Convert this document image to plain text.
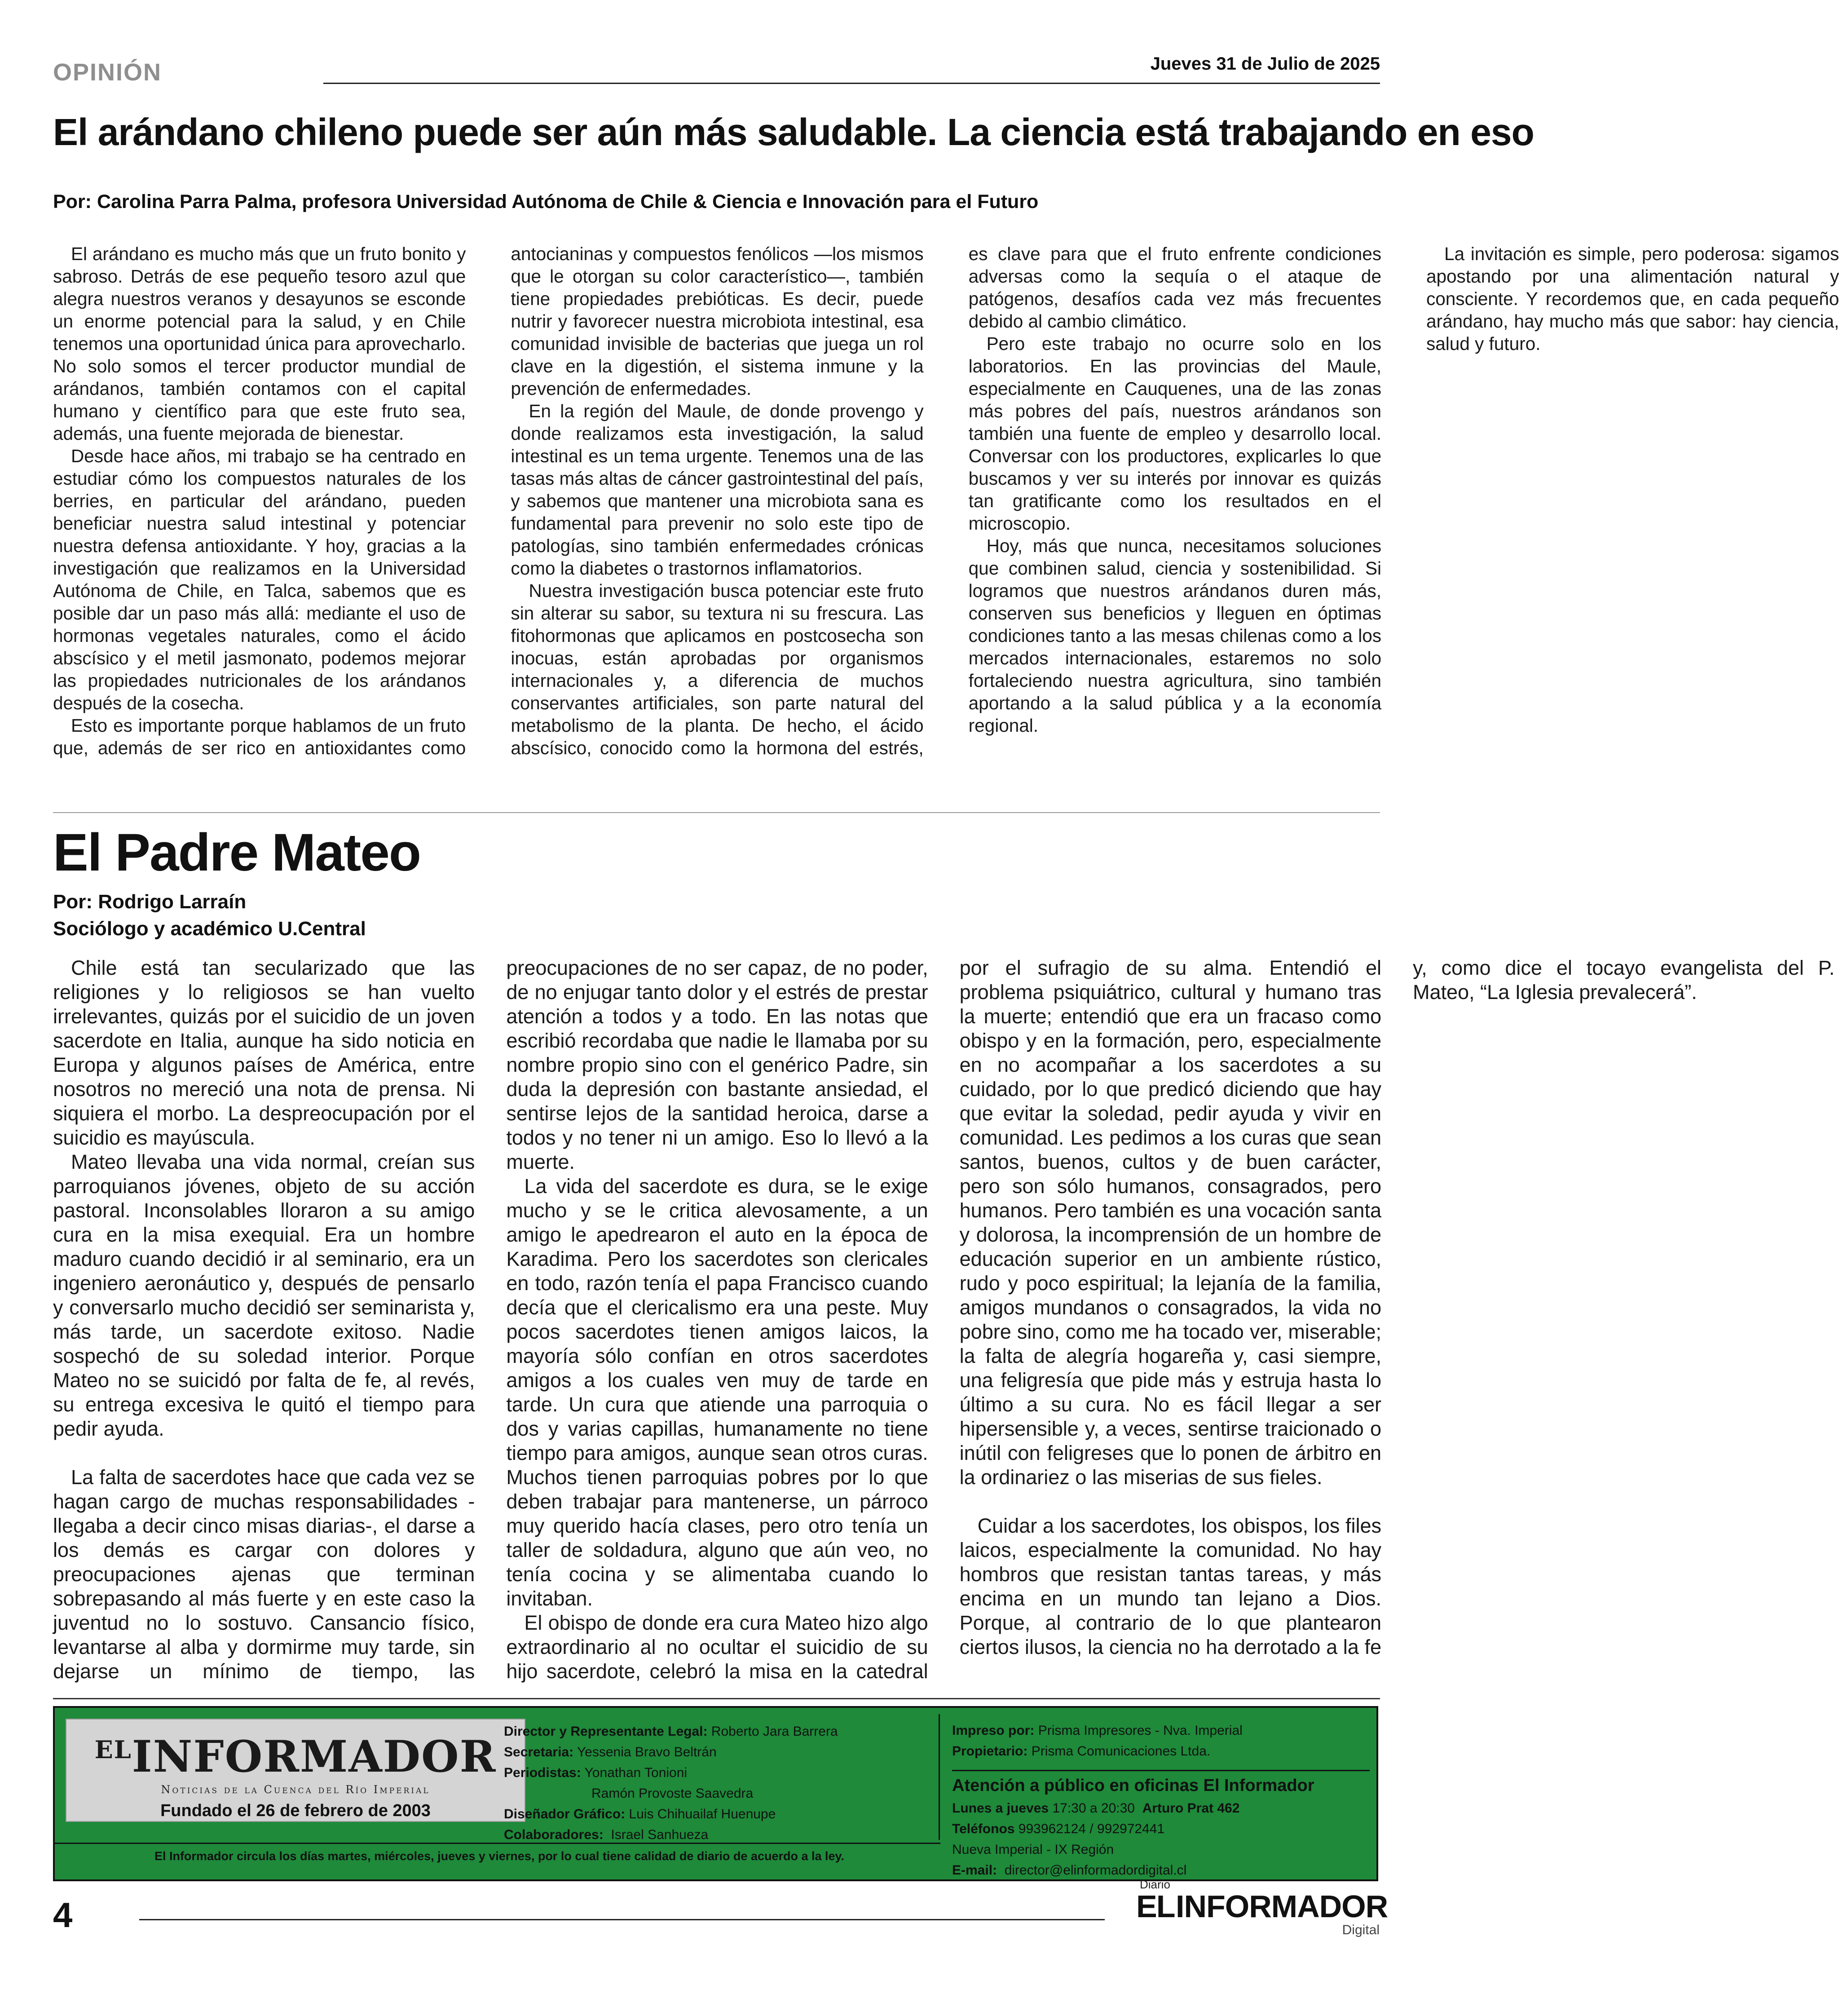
OPINIÓN	Jueves 31 de Julio de 2025
El arándano chileno puede ser aún más saludable. La ciencia está trabajando en eso
Por: Carolina Parra Palma, profesora Universidad Autónoma de Chile & Ciencia e Innovación para el Futuro

El arándano es mucho más que un fruto bonito y sabroso. Detrás de ese pequeño tesoro azul que alegra nuestros veranos y desayunos se esconde un enorme potencial para la salud, y en Chile tenemos una oportunidad única para aprovecharlo. No solo somos el tercer productor mundial de arándanos, también contamos con el capital humano y científico para que este fruto sea, además, una fuente mejorada de bienestar.

Desde hace años, mi trabajo se ha centrado en estudiar cómo los compuestos naturales de los berries, en particular del arándano, pueden beneficiar nuestra salud intestinal y potenciar nuestra defensa antioxidante. Y hoy, gracias a la investigación que realizamos en la Universidad Autónoma de Chile, en Talca, sabemos que es posible dar un paso más allá: mediante el uso de hormonas vegetales naturales, como el ácido abscísico y el metil jasmonato, podemos mejorar las propiedades nutricionales de los arándanos después de la cosecha.

Esto es importante porque hablamos de un fruto que, además de ser rico en antioxidantes como antocianinas y compuestos fenólicos —los mismos que le otorgan su color característico—, también tiene propiedades prebióticas. Es decir, puede nutrir y favorecer nuestra microbiota intestinal, esa comunidad invisible de bacterias que juega un rol clave en la digestión, el sistema inmune y la prevención de enfermedades.

En la región del Maule, de donde provengo y donde realizamos esta investigación, la salud intestinal es un tema urgente. Tenemos una de las tasas más altas de cáncer gastrointestinal del país, y sabemos que mantener una microbiota sana es fundamental para prevenir no solo este tipo de patologías, sino también enfermedades crónicas como la diabetes o trastornos inflamatorios.

Nuestra investigación busca potenciar este fruto sin alterar su sabor, su textura ni su frescura. Las fitohormonas que aplicamos en postcosecha son inocuas, están aprobadas por organismos internacionales y, a diferencia de muchos conservantes artificiales, son parte natural del metabolismo de la planta. De hecho, el ácido abscísico, conocido como la hormona del estrés, es clave para que el fruto enfrente condiciones adversas como la sequía o el ataque de patógenos, desafíos cada vez más frecuentes debido al cambio climático.

Pero este trabajo no ocurre solo en los laboratorios. En las provincias del Maule, especialmente en Cauquenes, una de las zonas más pobres del país, nuestros arándanos son también una fuente de empleo y desarrollo local. Conversar con los productores, explicarles lo que buscamos y ver su interés por innovar es quizás tan gratificante como los resultados en el microscopio.

Hoy, más que nunca, necesitamos soluciones que combinen salud, ciencia y sostenibilidad. Si logramos que nuestros arándanos duren más, conserven sus beneficios y lleguen en óptimas condiciones tanto a las mesas chilenas como a los mercados internacionales, estaremos no solo fortaleciendo nuestra agricultura, sino también aportando a la salud pública y a la economía regional.

La invitación es simple, pero poderosa: sigamos apostando por una alimentación natural y consciente. Y recordemos que, en cada pequeño arándano, hay mucho más que sabor: hay ciencia, salud y futuro.

El Padre Mateo
Por: Rodrigo Larraín
Sociólogo y académico U.Central

Chile está tan secularizado que las religiones y lo religiosos se han vuelto irrelevantes, quizás por el suicidio de un joven sacerdote en Italia, aunque ha sido noticia en Europa y algunos países de América, entre nosotros no mereció una nota de prensa. Ni siquiera el morbo. La despreocupación por el suicidio es mayúscula.

Mateo llevaba una vida normal, creían sus parroquianos jóvenes, objeto de su acción pastoral. Inconsolables lloraron a su amigo cura en la misa exequial. Era un hombre maduro cuando decidió ir al seminario, era un ingeniero aeronáutico y, después de pensarlo y conversarlo mucho decidió ser seminarista y, más tarde, un sacerdote exitoso. Nadie sospechó de su soledad interior. Porque Mateo no se suicidó por falta de fe, al revés, su entrega excesiva le quitó el tiempo para pedir ayuda.

La falta de sacerdotes hace que cada vez se hagan cargo de muchas responsabilidades -llegaba a decir cinco misas diarias-, el darse a los demás es cargar con dolores y preocupaciones ajenas que terminan sobrepasando al más fuerte y en este caso la juventud no lo sostuvo. Cansancio físico, levantarse al alba y dormirme muy tarde, sin dejarse un mínimo de tiempo, las preocupaciones de no ser capaz, de no poder, de no enjugar tanto dolor y el estrés de prestar atención a todos y a todo. En las notas que escribió recordaba que nadie le llamaba por su nombre propio sino con el genérico Padre, sin duda la depresión con bastante ansiedad, el sentirse lejos de la santidad heroica, darse a todos y no tener ni un amigo. Eso lo llevó a la muerte.

La vida del sacerdote es dura, se le exige mucho y se le critica alevosamente, a un amigo le apedrearon el auto en la época de Karadima. Pero los sacerdotes son clericales en todo, razón tenía el papa Francisco cuando decía que el clericalismo era una peste. Muy pocos sacerdotes tienen amigos laicos, la mayoría sólo confían en otros sacerdotes amigos a los cuales ven muy de tarde en tarde. Un cura que atiende una parroquia o dos y varias capillas, humanamente no tiene tiempo para amigos, aunque sean otros curas. Muchos tienen parroquias pobres por lo que deben trabajar para mantenerse, un párroco muy querido hacía clases, pero otro tenía un taller de soldadura, alguno que aún veo, no tenía cocina y se alimentaba cuando lo invitaban.

El obispo de donde era cura Mateo hizo algo extraordinario al no ocultar el suicidio de su hijo sacerdote, celebró la misa en la catedral por el sufragio de su alma. Entendió el problema psiquiátrico, cultural y humano tras la muerte; entendió que era un fracaso como obispo y en la formación, pero, especialmente en no acompañar a los sacerdotes a su cuidado, por lo que predicó diciendo que hay que evitar la soledad, pedir ayuda y vivir en comunidad. Les pedimos a los curas que sean santos, buenos, cultos y de buen carácter, pero son sólo humanos, consagrados, pero humanos. Pero también es una vocación santa y dolorosa, la incomprensión de un hombre de educación superior en un ambiente rústico, rudo y poco espiritual; la lejanía de la familia, amigos mundanos o consagrados, la vida no pobre sino, como me ha tocado ver, miserable; la falta de alegría hogareña y, casi siempre, una feligresía que pide más y estruja hasta lo último a su cura. No es fácil llegar a ser hipersensible y, a veces, sentirse traicionado o inútil con feligreses que lo ponen de árbitro en la ordinariez o las miserias de sus fieles.

Cuidar a los sacerdotes, los obispos, los files laicos, especialmente la comunidad. No hay hombros que resistan tantas tareas, y más encima en un mundo tan lejano a Dios. Porque, al contrario de lo que plantearon ciertos ilusos, la ciencia no ha derrotado a la fe y, como dice el tocayo evangelista del P. Mateo, “La Iglesia prevalecerá”.

$^{EL}$INFORMADOR
Noticias de la Cuenca del Río Imperial
Fundado el 26 de febrero de 2003
Director y Representante Legal: Roberto Jara Barrera
Secretaria: Yessenia Bravo Beltrán
Periodistas: Yonathan Tonioni
Ramón Provoste Saavedra
Diseñador Gráfico: Luis Chihuailaf Huenupe
Colaboradores: Israel Sanhueza
Impreso por: Prisma Impresores - Nva. Imperial
Propietario: Prisma Comunicaciones Ltda.
Atención a público en oficinas El Informador
Lunes a jueves 17:30 a 20:30 Arturo Prat 462
Teléfonos 993962124 / 992972441
Nueva Imperial - IX Región
E-mail: director@elinformadordigital.cl
El Informador circula los días martes, miércoles, jueves y viernes, por lo cual tiene calidad de diario de acuerdo a la ley.
4
Diario
EL INFORMADOR
Digital
